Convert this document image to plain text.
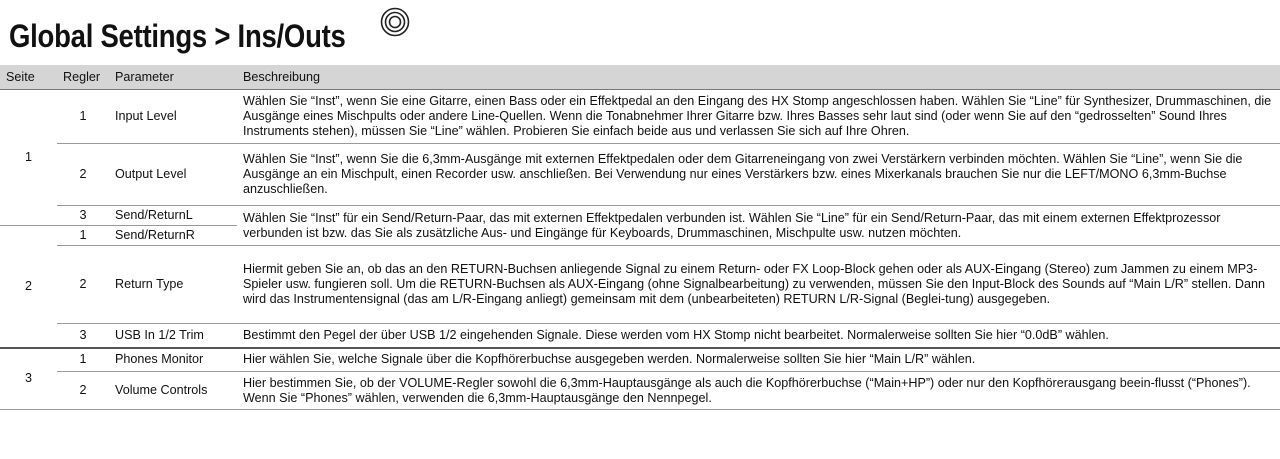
Global Settings > Ins/Outs
Seite	Regler	Parameter	Beschreibung
1	1	Input Level	Wählen Sie “Inst”, wenn Sie eine Gitarre, einen Bass oder ein Effektpedal an den Eingang des HX Stomp angeschlossen haben. Wählen Sie “Line” für Synthesizer, Drummaschinen, die Ausgänge eines Mischpults oder andere Line-Quellen. Wenn die Tonabnehmer Ihrer Gitarre bzw. Ihres Basses sehr laut sind (oder wenn Sie auf den “gedrosselten” Sound Ihres Instruments stehen), müssen Sie “Line” wählen. Probieren Sie einfach beide aus und verlassen Sie sich auf Ihre Ohren.
	2	Output Level	Wählen Sie “Inst”, wenn Sie die 6,3mm-Ausgänge mit externen Effektpedalen oder dem Gitarreneingang von zwei Verstärkern verbinden möchten. Wählen Sie “Line”, wenn Sie die Ausgänge an ein Mischpult, einen Recorder usw. anschließen. Bei Verwendung nur eines Verstärkers bzw. eines Mixerkanals brauchen Sie nur die LEFT/MONO 6,3mm-Buchse anzuschließen.
	3	Send/ReturnL	Wählen Sie “Inst” für ein Send/Return-Paar, das mit externen Effektpedalen verbunden ist. Wählen Sie “Line” für ein Send/Return-Paar, das mit einem externen Effektprozessor verbunden ist bzw. das Sie als zusätzliche Aus- und Eingänge für Keyboards, Drummaschinen, Mischpulte usw. nutzen möchten.
2	1	Send/ReturnR	
	2	Return Type	Hiermit geben Sie an, ob das an den RETURN-Buchsen anliegende Signal zu einem Return- oder FX Loop-Block gehen oder als AUX-Eingang (Stereo) zum Jammen zu einem MP3-Spieler usw. fungieren soll. Um die RETURN-Buchsen als AUX-Eingang (ohne Signalbearbeitung) zu verwenden, müssen Sie den Input-Block des Sounds auf “Main L/R” stellen. Dann wird das Instrumentensignal (das am L/R-Eingang anliegt) gemeinsam mit dem (unbearbeiteten) RETURN L/R-Signal (Beglei-tung) ausgegeben.
	3	USB In 1/2 Trim	Bestimmt den Pegel der über USB 1/2 eingehenden Signale. Diese werden vom HX Stomp nicht bearbeitet. Normalerweise sollten Sie hier “0.0dB” wählen.
3	1	Phones Monitor	Hier wählen Sie, welche Signale über die Kopfhörerbuchse ausgegeben werden. Normalerweise sollten Sie hier “Main L/R” wählen.
	2	Volume Controls	Hier bestimmen Sie, ob der VOLUME-Regler sowohl die 6,3mm-Hauptausgänge als auch die Kopfhörerbuchse (“Main+HP”) oder nur den Kopfhörerausgang beein-flusst (“Phones”). Wenn Sie “Phones” wählen, verwenden die 6,3mm-Hauptausgänge den Nennpegel.
